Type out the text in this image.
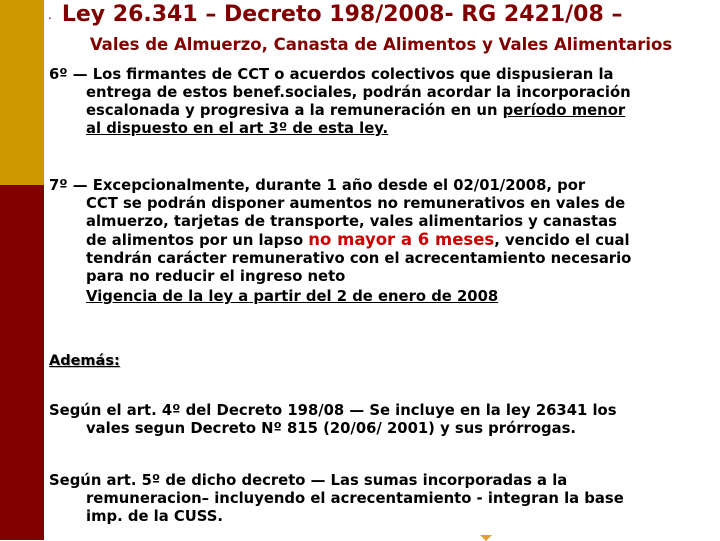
. Ley 26.341 – Decreto 198/2008- RG 2421/08 –
Vales de Almuerzo, Canasta de Alimentos y Vales Alimentarios
6º — Los firmantes de CCT o acuerdos colectivos que dispusieran la
entrega de estos benef.sociales, podrán acordar la incorporación
escalonada y progresiva a la remuneración en un período menor
al dispuesto en el art 3º de esta ley.
7º — Excepcionalmente, durante 1 año desde el 02/01/2008, por
CCT se podrán disponer aumentos no remunerativos en vales de
almuerzo, tarjetas de transporte, vales alimentarios y canastas
de alimentos por un lapso no mayor a 6 meses, vencido el cual
tendrán carácter remunerativo con el acrecentamiento necesario
para no reducir el ingreso neto
Vigencia de la ley a partir del 2 de enero de 2008
Además:
Según el art. 4º del Decreto 198/08 — Se incluye en la ley 26341 los
vales segun Decreto Nº 815 (20/06/ 2001) y sus prórrogas.
Según art. 5º de dicho decreto — Las sumas incorporadas a la
remuneracion– incluyendo el acrecentamiento - integran la base
imp. de la CUSS.
